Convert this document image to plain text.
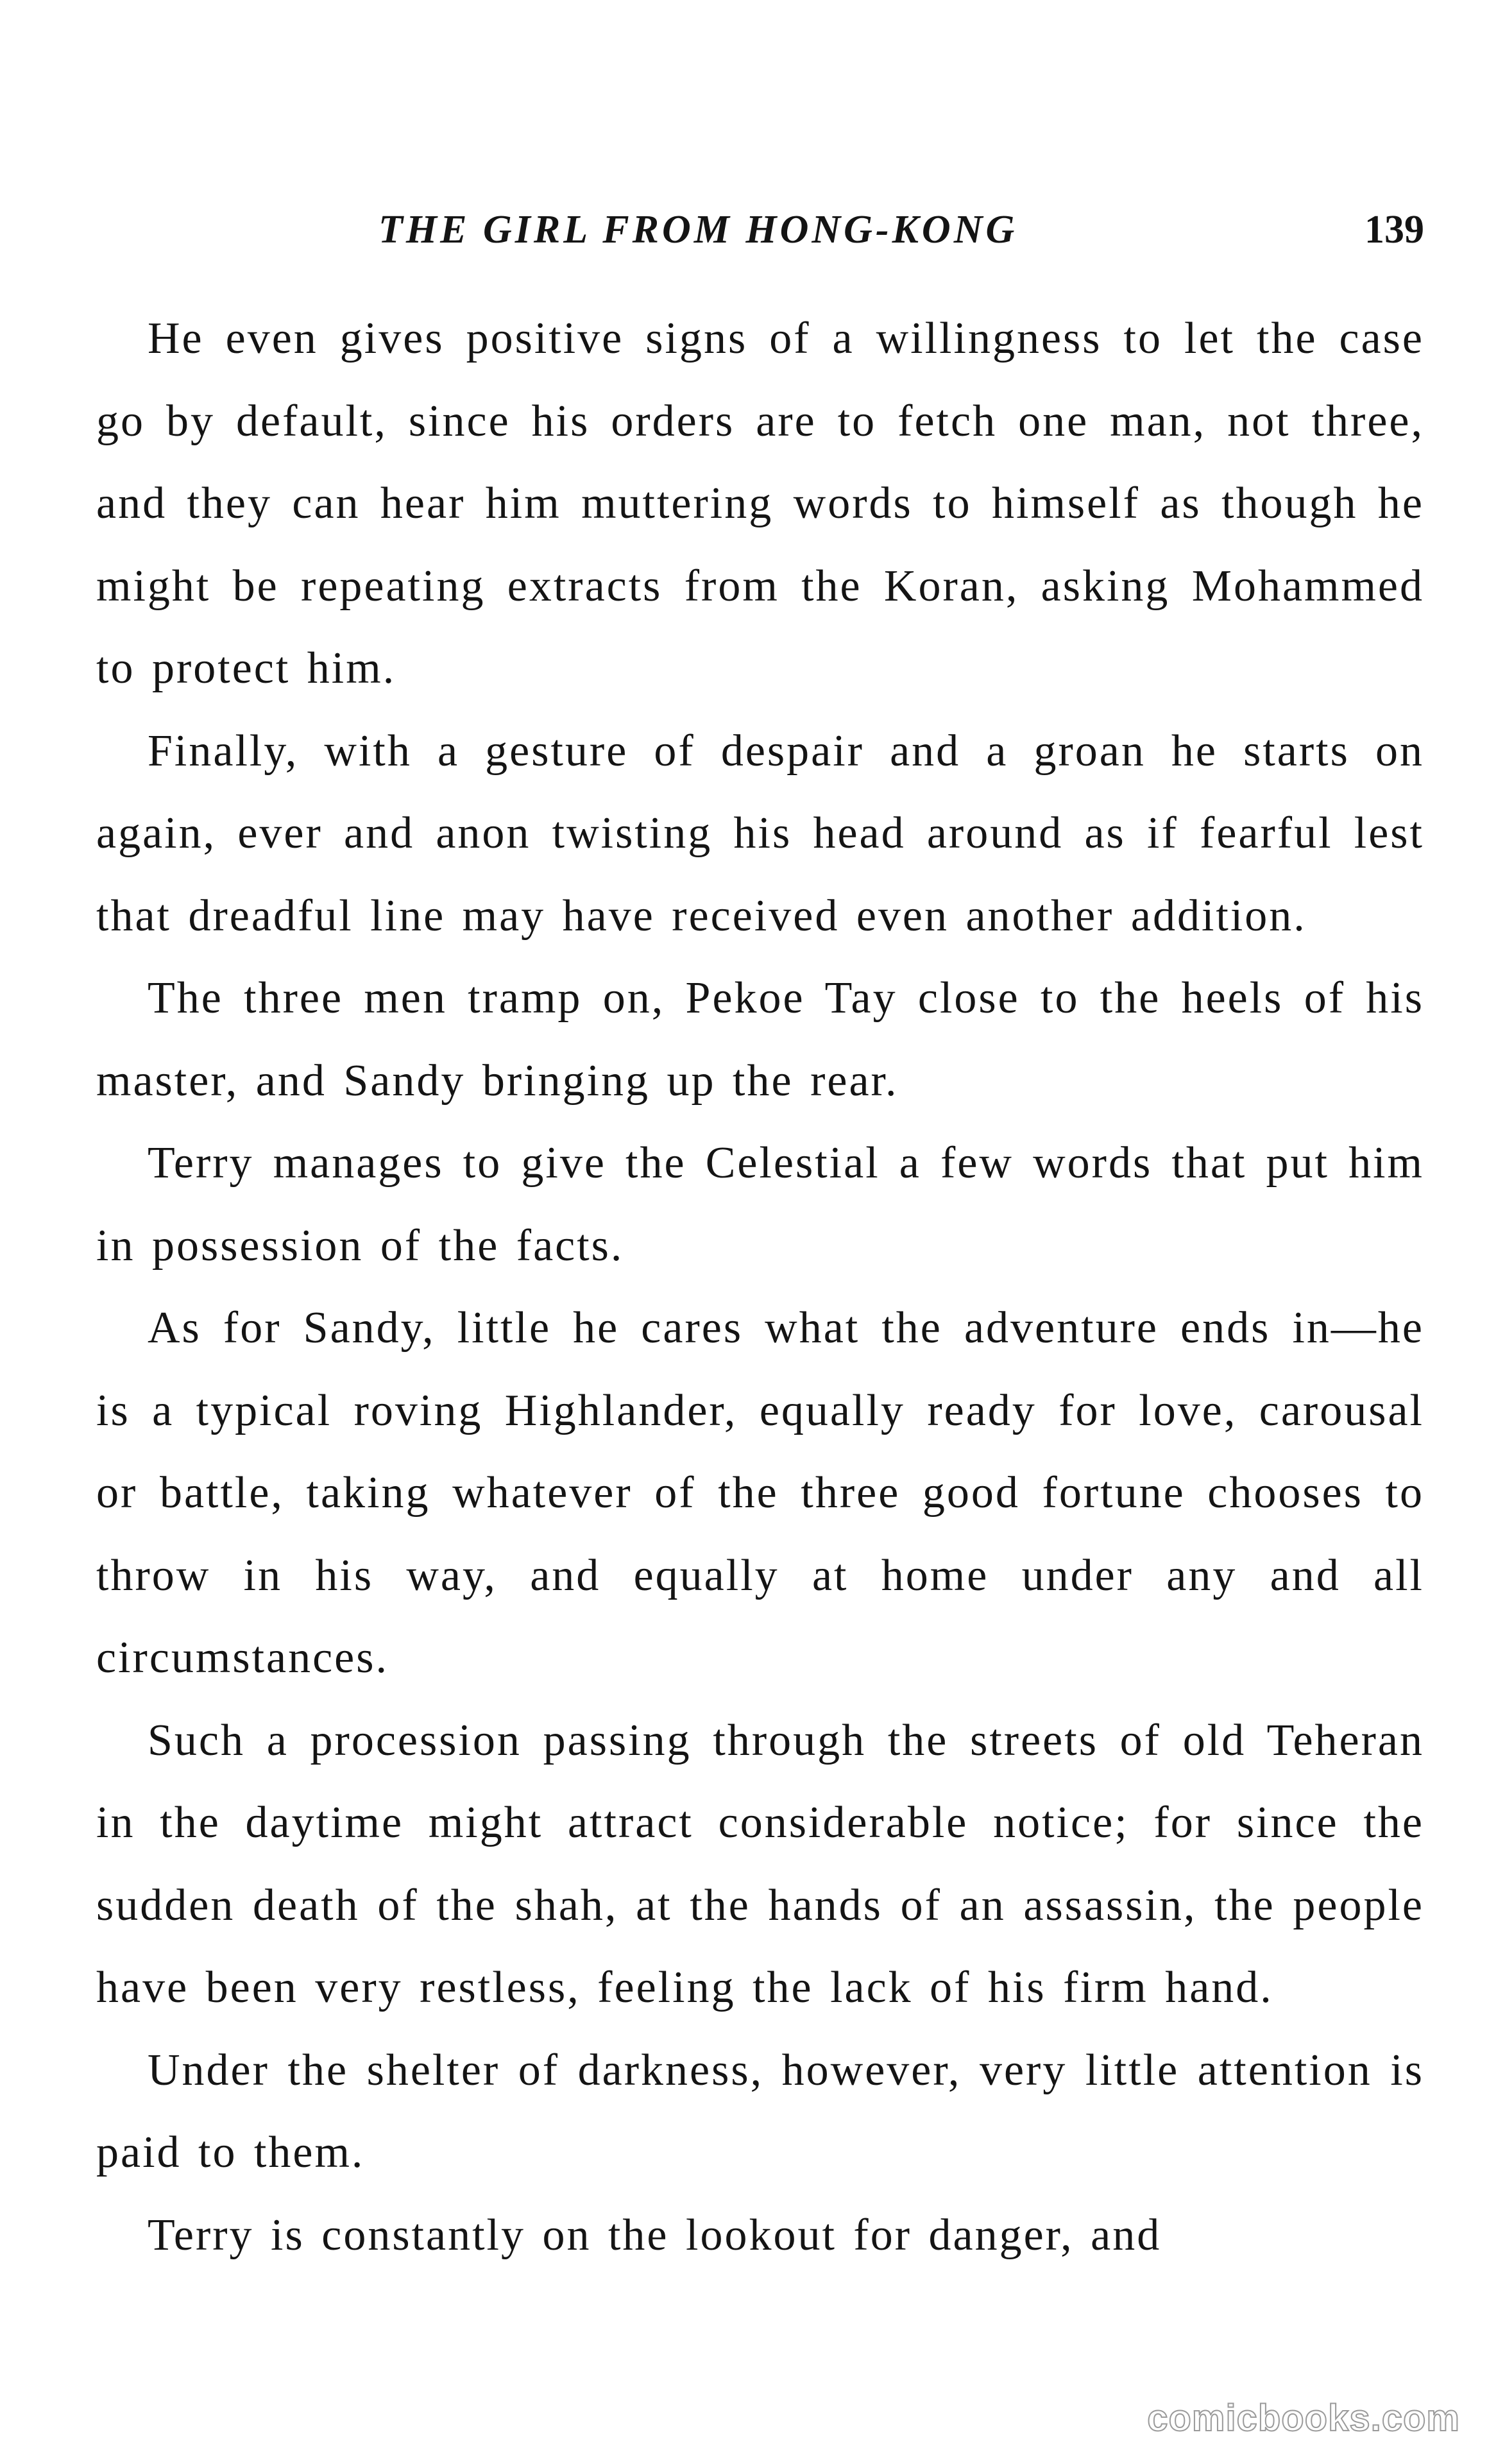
THE GIRL FROM HONG-KONG	139

He even gives positive signs of a willingness to let the case go by default, since his orders are to fetch one man, not three, and they can hear him muttering words to himself as though he might be repeating extracts from the Koran, asking Mohammed to protect him.

Finally, with a gesture of despair and a groan he starts on again, ever and anon twisting his head around as if fearful lest that dreadful line may have received even another addition.

The three men tramp on, Pekoe Tay close to the heels of his master, and Sandy bringing up the rear.

Terry manages to give the Celestial a few words that put him in possession of the facts.

As for Sandy, little he cares what the adventure ends in—he is a typical roving Highlander, equally ready for love, carousal or battle, taking whatever of the three good fortune chooses to throw in his way, and equally at home under any and all circumstances.

Such a procession passing through the streets of old Teheran in the daytime might attract considerable notice; for since the sudden death of the shah, at the hands of an assassin, the people have been very restless, feeling the lack of his firm hand.

Under the shelter of darkness, however, very little attention is paid to them.

Terry is constantly on the lookout for danger, and

comicbooks.com
